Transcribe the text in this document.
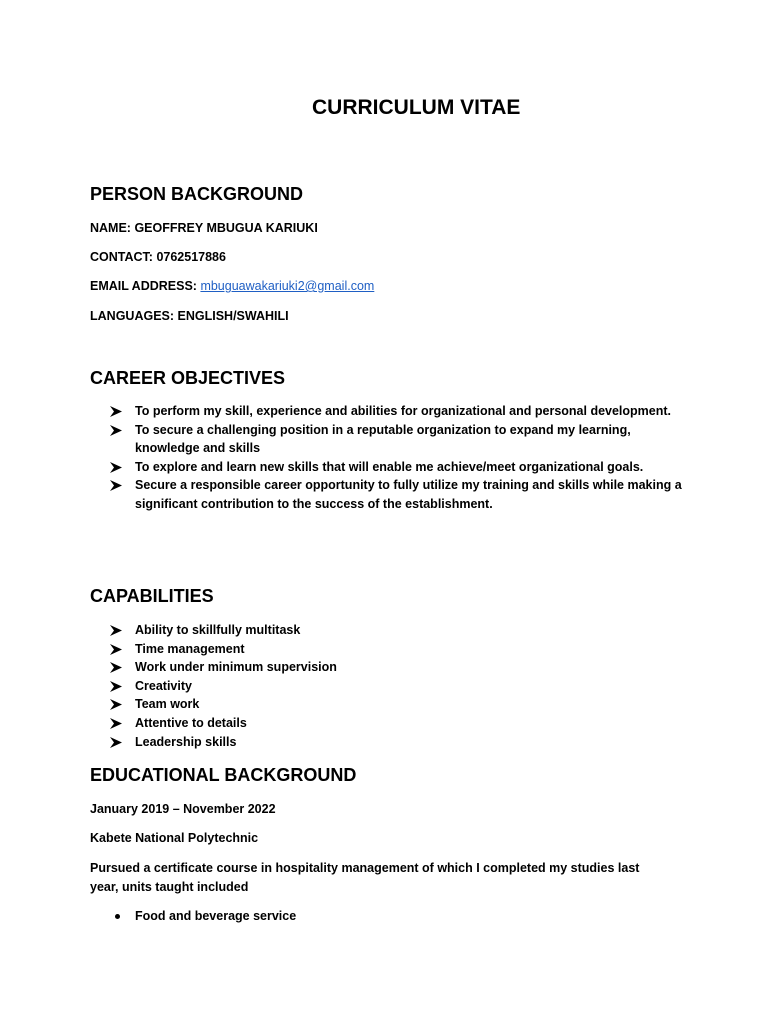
CURRICULUM VITAE
PERSON BACKGROUND
NAME: GEOFFREY MBUGUA KARIUKI
CONTACT: 0762517886
EMAIL ADDRESS: mbuguawakariuki2@gmail.com
LANGUAGES: ENGLISH/SWAHILI
CAREER OBJECTIVES
To perform my skill, experience and abilities for organizational and personal development.
To secure a challenging position in a reputable organization to expand my learning, knowledge and skills
To explore and learn new skills that will enable me achieve/meet organizational goals.
Secure a responsible career opportunity to fully utilize my training and skills while making a significant contribution to the success of the establishment.
CAPABILITIES
Ability to skillfully multitask
Time management
Work under minimum supervision
Creativity
Team work
Attentive to details
Leadership skills
EDUCATIONAL BACKGROUND
January 2019 – November 2022
Kabete National Polytechnic
Pursued a certificate course in hospitality management of which I completed my studies last year, units taught included
Food and beverage service
